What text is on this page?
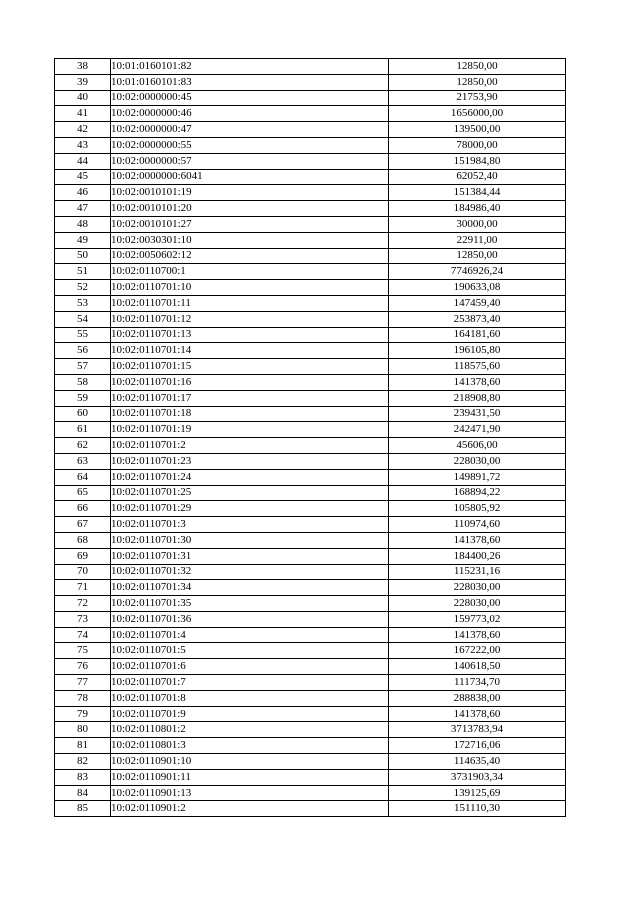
38	10:01:0160101:82	12850,00
39	10:01:0160101:83	12850,00
40	10:02:0000000:45	21753,90
41	10:02:0000000:46	1656000,00
42	10:02:0000000:47	139500,00
43	10:02:0000000:55	78000,00
44	10:02:0000000:57	151984,80
45	10:02:0000000:6041	62052,40
46	10:02:0010101:19	151384,44
47	10:02:0010101:20	184986,40
48	10:02:0010101:27	30000,00
49	10:02:0030301:10	22911,00
50	10:02:0050602:12	12850,00
51	10:02:0110700:1	7746926,24
52	10:02:0110701:10	190633,08
53	10:02:0110701:11	147459,40
54	10:02:0110701:12	253873,40
55	10:02:0110701:13	164181,60
56	10:02:0110701:14	196105,80
57	10:02:0110701:15	118575,60
58	10:02:0110701:16	141378,60
59	10:02:0110701:17	218908,80
60	10:02:0110701:18	239431,50
61	10:02:0110701:19	242471,90
62	10:02:0110701:2	45606,00
63	10:02:0110701:23	228030,00
64	10:02:0110701:24	149891,72
65	10:02:0110701:25	168894,22
66	10:02:0110701:29	105805,92
67	10:02:0110701:3	110974,60
68	10:02:0110701:30	141378,60
69	10:02:0110701:31	184400,26
70	10:02:0110701:32	115231,16
71	10:02:0110701:34	228030,00
72	10:02:0110701:35	228030,00
73	10:02:0110701:36	159773,02
74	10:02:0110701:4	141378,60
75	10:02:0110701:5	167222,00
76	10:02:0110701:6	140618,50
77	10:02:0110701:7	111734,70
78	10:02:0110701:8	288838,00
79	10:02:0110701:9	141378,60
80	10:02:0110801:2	3713783,94
81	10:02:0110801:3	172716,06
82	10:02:0110901:10	114635,40
83	10:02:0110901:11	3731903,34
84	10:02:0110901:13	139125,69
85	10:02:0110901:2	151110,30
